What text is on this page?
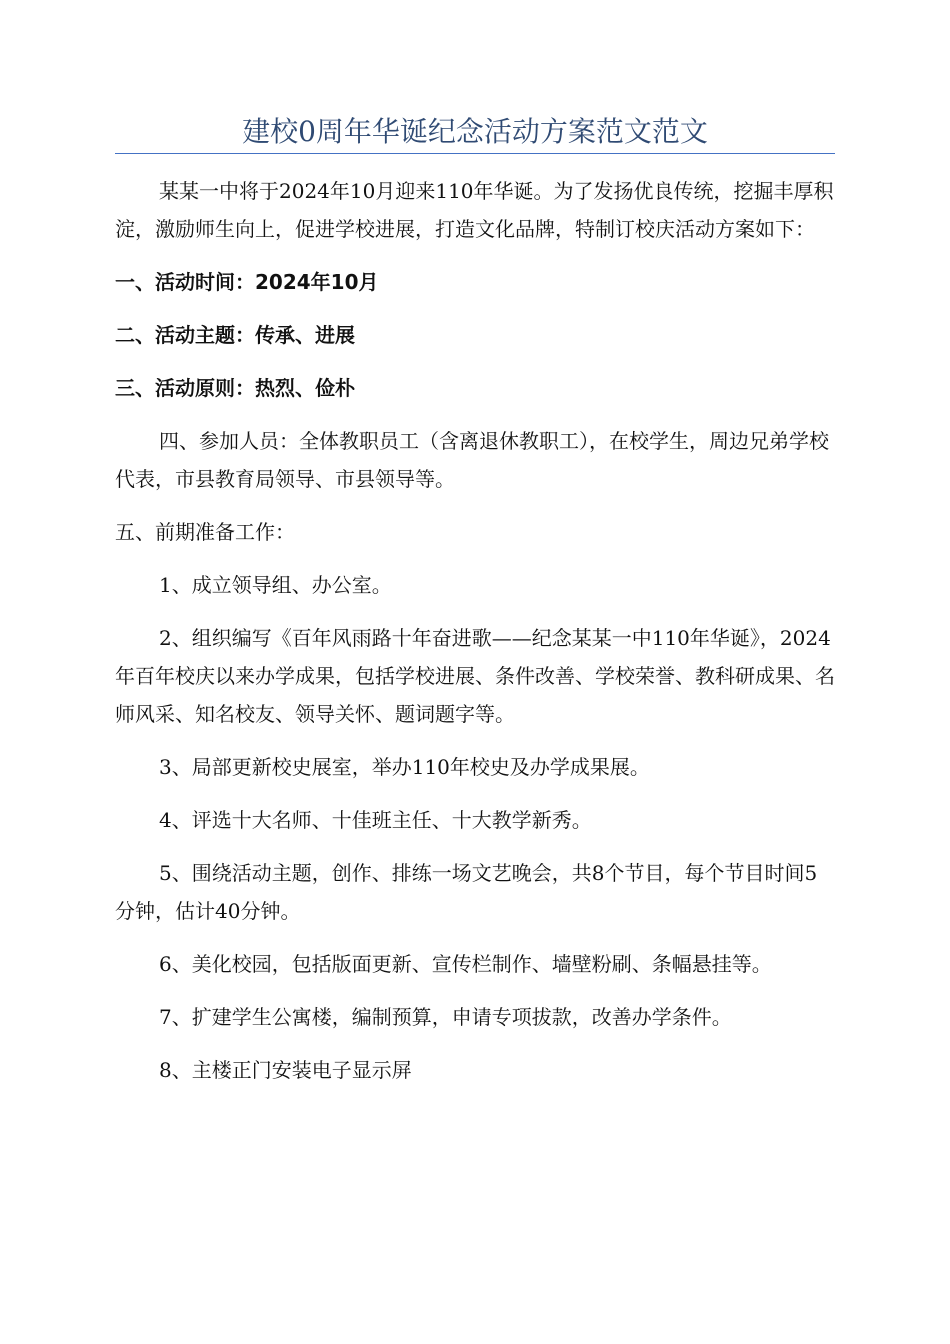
建校0周年华诞纪念活动方案范文范文

某某一中将于2024年10月迎来110年华诞。为了发扬优良传统，挖掘丰厚积淀，激励师生向上，促进学校进展，打造文化品牌，特制订校庆活动方案如下：

一、活动时间：2024年10月

二、活动主题：传承、进展

三、活动原则：热烈、俭朴

四、参加人员：全体教职员工（含离退休教职工），在校学生，周边兄弟学校代表，市县教育局领导、市县领导等。

五、前期准备工作：

1、成立领导组、办公室。

2、组织编写《百年风雨路十年奋进歌——纪念某某一中110年华诞》，2024年百年校庆以来办学成果，包括学校进展、条件改善、学校荣誉、教科研成果、名师风采、知名校友、领导关怀、题词题字等。

3、局部更新校史展室，举办110年校史及办学成果展。

4、评选十大名师、十佳班主任、十大教学新秀。

5、围绕活动主题，创作、排练一场文艺晚会，共8个节目，每个节目时间5分钟，估计40分钟。

6、美化校园，包括版面更新、宣传栏制作、墙壁粉刷、条幅悬挂等。

7、扩建学生公寓楼，编制预算，申请专项拔款，改善办学条件。

8、主楼正门安装电子显示屏
